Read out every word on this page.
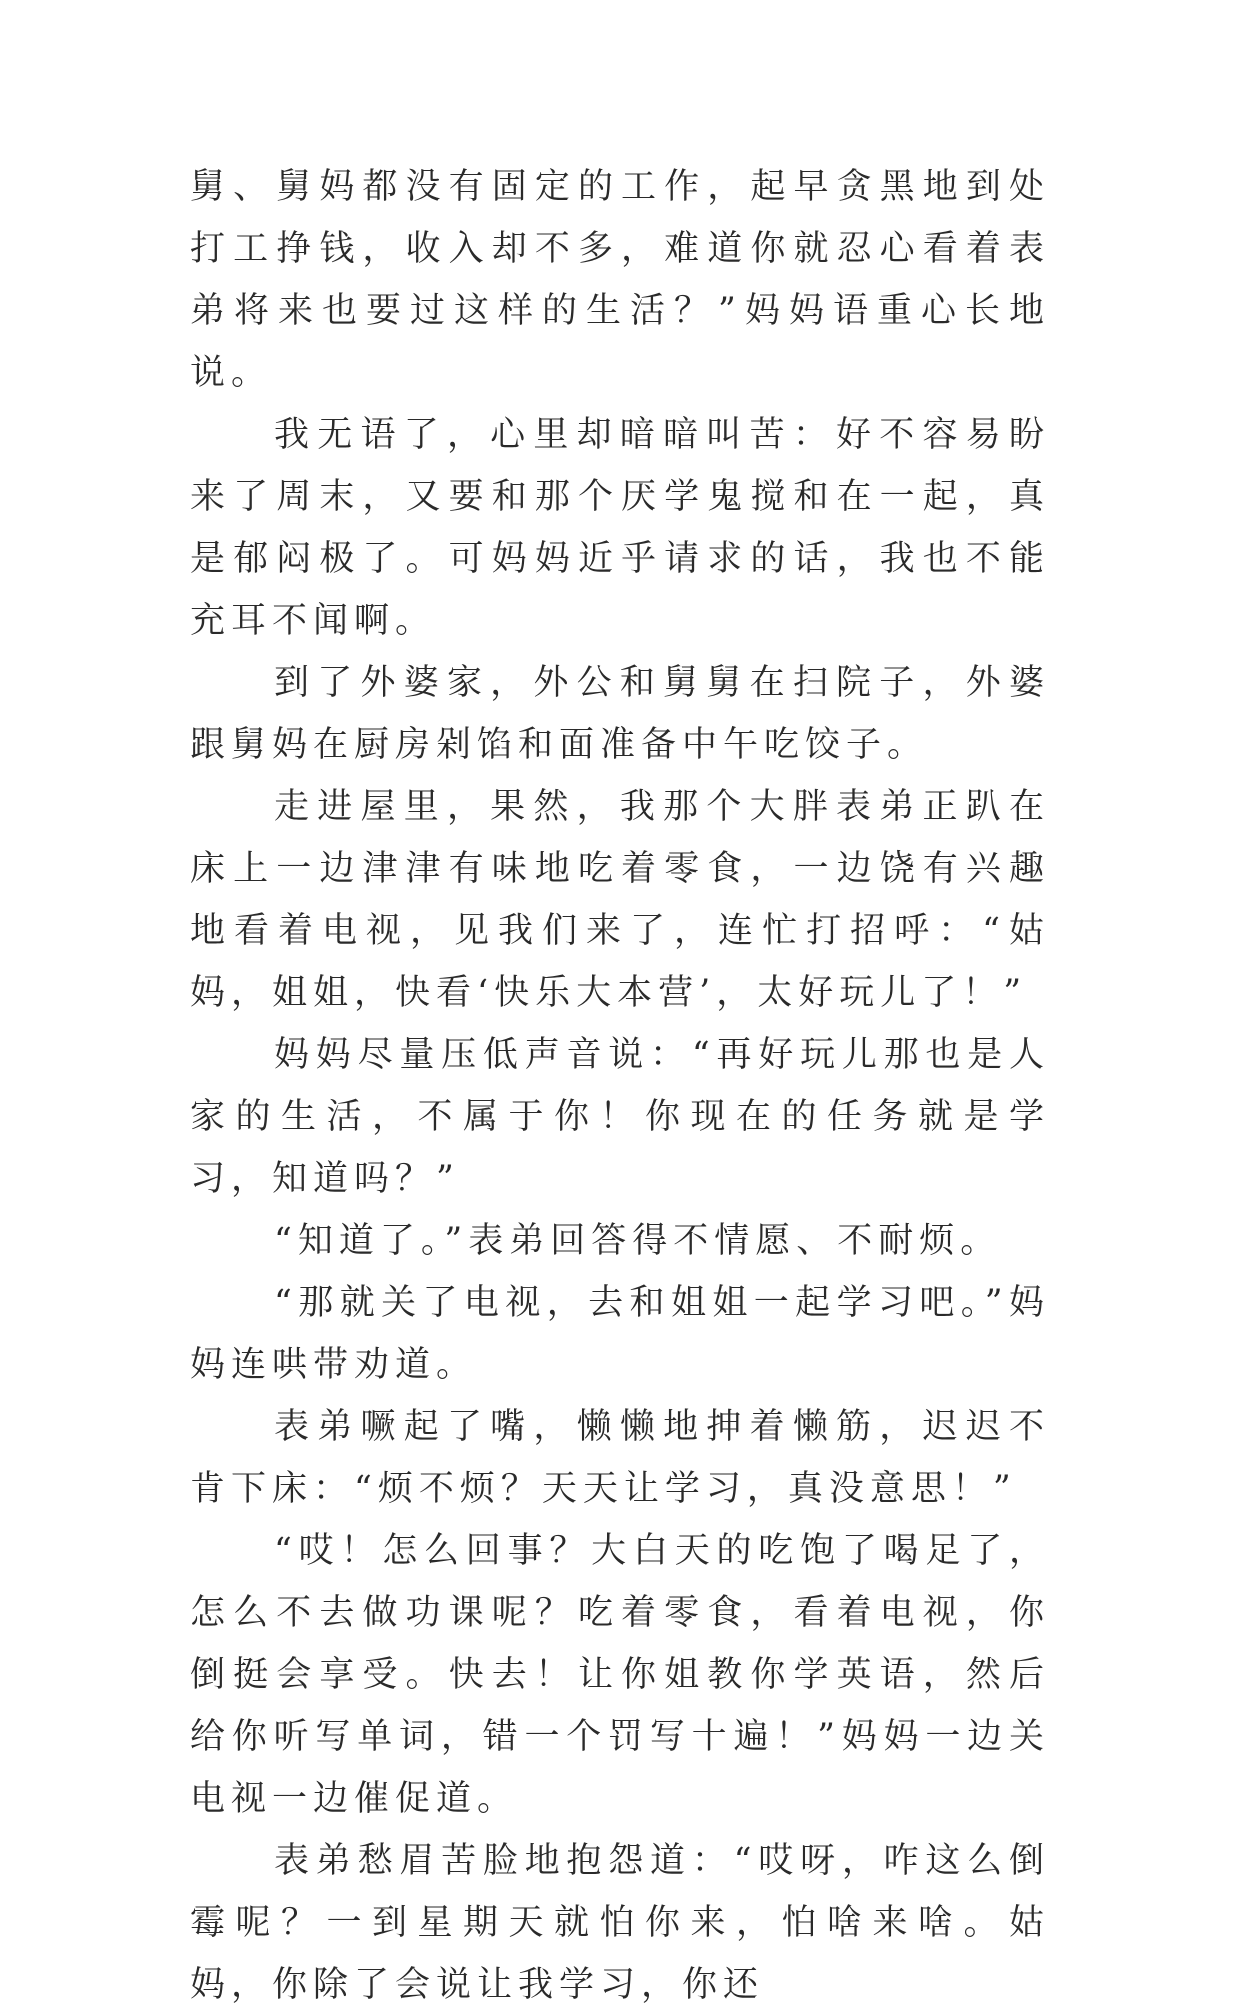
舅、舅妈都没有固定的工作，起早贪黑地到处打工挣钱，收入却不多，难道你就忍心看着表弟将来也要过这样的生活？”妈妈语重心长地说。

我无语了，心里却暗暗叫苦：好不容易盼来了周末，又要和那个厌学鬼搅和在一起，真是郁闷极了。可妈妈近乎请求的话，我也不能充耳不闻啊。

到了外婆家，外公和舅舅在扫院子，外婆跟舅妈在厨房剁馅和面准备中午吃饺子。

走进屋里，果然，我那个大胖表弟正趴在床上一边津津有味地吃着零食，一边饶有兴趣地看着电视，见我们来了，连忙打招呼：“姑妈，姐姐，快看‘快乐大本营’，太好玩儿了！”

妈妈尽量压低声音说：“再好玩儿那也是人家的生活，不属于你！你现在的任务就是学习，知道吗？”

“知道了。”表弟回答得不情愿、不耐烦。

“那就关了电视，去和姐姐一起学习吧。”妈妈连哄带劝道。

表弟噘起了嘴，懒懒地抻着懒筋，迟迟不肯下床：“烦不烦？天天让学习，真没意思！”

“哎！怎么回事？大白天的吃饱了喝足了，怎么不去做功课呢？吃着零食，看着电视，你倒挺会享受。快去！让你姐教你学英语，然后给你听写单词，错一个罚写十遍！”妈妈一边关电视一边催促道。

表弟愁眉苦脸地抱怨道：“哎呀，咋这么倒霉呢？一到星期天就怕你来，怕啥来啥。姑妈，你除了会说让我学习，你还
